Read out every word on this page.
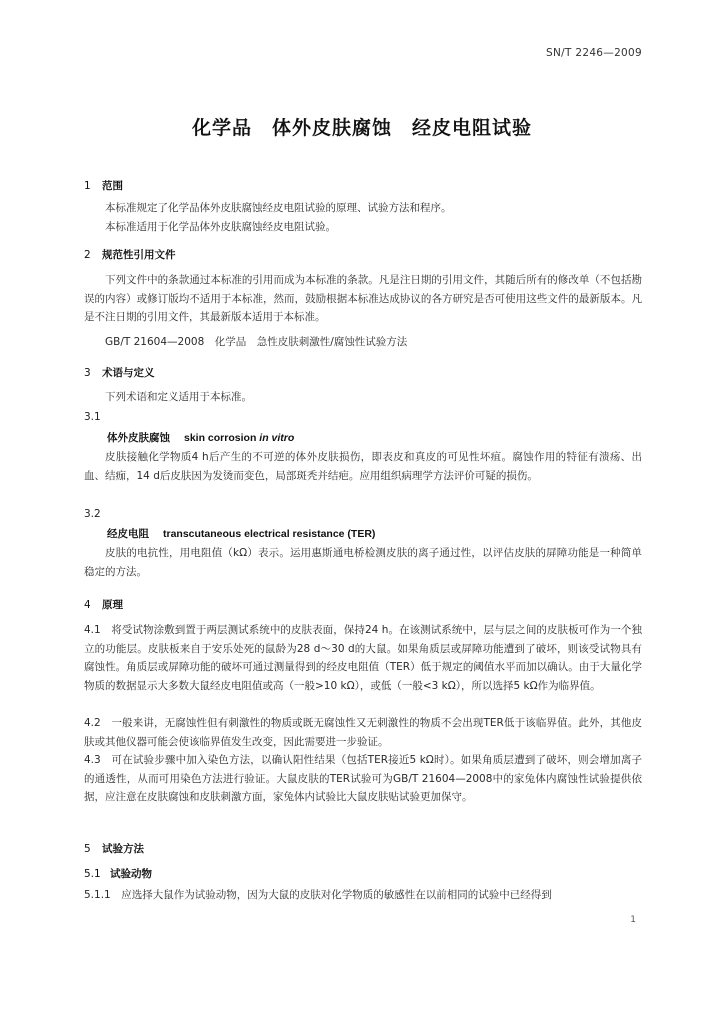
SN/T 2246—2009
化学品　体外皮肤腐蚀　经皮电阻试验
1 范围

本标准规定了化学品体外皮肤腐蚀经皮电阻试验的原理、试验方法和程序。

本标准适用于化学品体外皮肤腐蚀经皮电阻试验。

2 规范性引用文件

下列文件中的条款通过本标准的引用而成为本标准的条款。凡是注日期的引用文件，其随后所有的修改单（不包括勘误的内容）或修订版均不适用于本标准，然而，鼓励根据本标准达成协议的各方研究是否可使用这些文件的最新版本。凡是不注日期的引用文件，其最新版本适用于本标准。

GB/T 21604—2008　化学品　急性皮肤刺激性/腐蚀性试验方法

3 术语与定义

下列术语和定义适用于本标准。

3.1
体外皮肤腐蚀 skin corrosion in vitro

皮肤接触化学物质4 h后产生的不可逆的体外皮肤损伤，即表皮和真皮的可见性坏疽。腐蚀作用的特征有溃疡、出血、结痂，14 d后皮肤因为发烫而变色，局部斑秃并结疤。应用组织病理学方法评价可疑的损伤。

3.2
经皮电阻 transcutaneous electrical resistance (TER)

皮肤的电抗性，用电阻值（kΩ）表示。运用惠斯通电桥检测皮肤的离子通过性，以评估皮肤的屏障功能是一种简单稳定的方法。

4 原理

4.1　将受试物涂敷到置于两层测试系统中的皮肤表面，保持24 h。在该测试系统中，层与层之间的皮肤板可作为一个独立的功能层。皮肤板来自于安乐处死的鼠龄为28 d～30 d的大鼠。如果角质层或屏障功能遭到了破坏，则该受试物具有腐蚀性。角质层或屏障功能的破坏可通过测量得到的经皮电阻值（TER）低于规定的阈值水平而加以确认。由于大量化学物质的数据显示大多数大鼠经皮电阻值或高（一般>10 kΩ），或低（一般<3 kΩ），所以选择5 kΩ作为临界值。

4.2　一般来讲，无腐蚀性但有刺激性的物质或既无腐蚀性又无刺激性的物质不会出现TER低于该临界值。此外，其他皮肤或其他仪器可能会使该临界值发生改变，因此需要进一步验证。

4.3　可在试验步骤中加入染色方法，以确认阳性结果（包括TER接近5 kΩ时）。如果角质层遭到了破坏，则会增加离子的通透性，从而可用染色方法进行验证。大鼠皮肤的TER试验可为GB/T 21604—2008中的家兔体内腐蚀性试验提供依据，应注意在皮肤腐蚀和皮肤刺激方面，家兔体内试验比大鼠皮肤贴试验更加保守。

5 试验方法
5.1 试验动物

5.1.1　应选择大鼠作为试验动物，因为大鼠的皮肤对化学物质的敏感性在以前相同的试验中已经得到

1
